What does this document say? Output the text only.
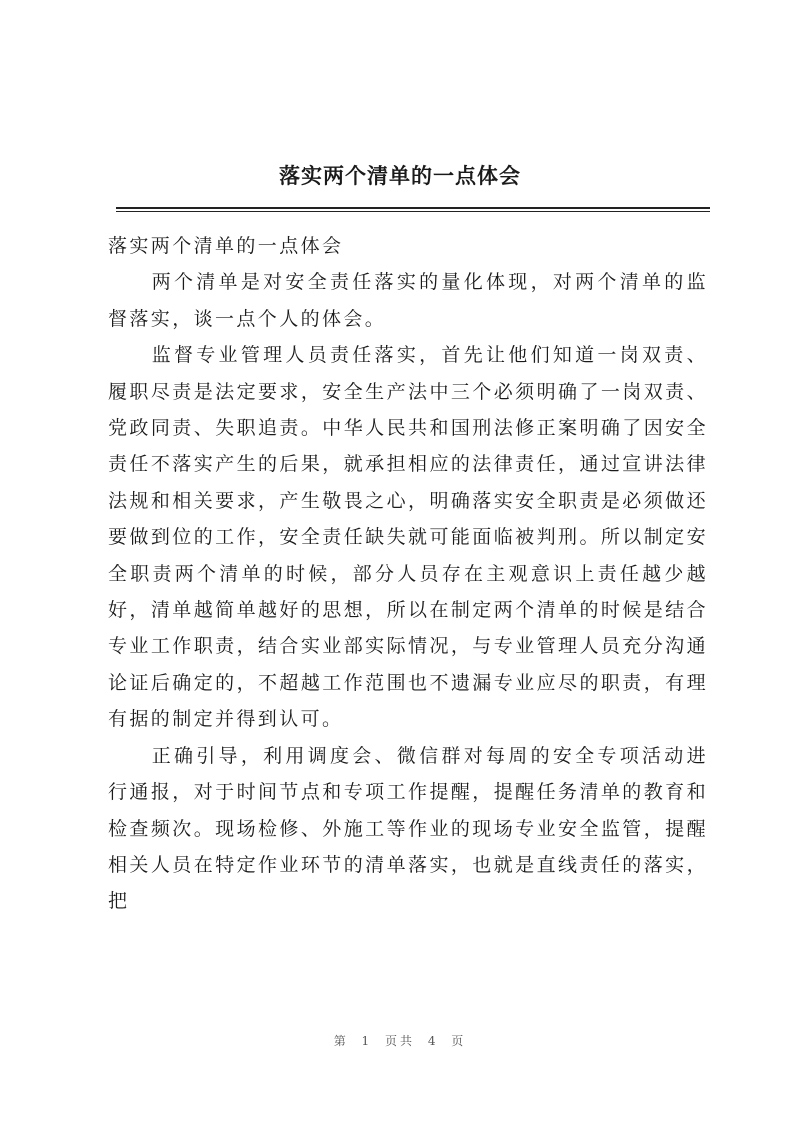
落实两个清单的一点体会

落实两个清单的一点体会

两个清单是对安全责任落实的量化体现，对两个清单的监督落实，谈一点个人的体会。

监督专业管理人员责任落实，首先让他们知道一岗双责、履职尽责是法定要求，安全生产法中三个必须明确了一岗双责、党政同责、失职追责。中华人民共和国刑法修正案明确了因安全责任不落实产生的后果，就承担相应的法律责任，通过宣讲法律法规和相关要求，产生敬畏之心，明确落实安全职责是必须做还要做到位的工作，安全责任缺失就可能面临被判刑。所以制定安全职责两个清单的时候，部分人员存在主观意识上责任越少越好，清单越简单越好的思想，所以在制定两个清单的时候是结合专业工作职责，结合实业部实际情况，与专业管理人员充分沟通论证后确定的，不超越工作范围也不遗漏专业应尽的职责，有理有据的制定并得到认可。

正确引导，利用调度会、微信群对每周的安全专项活动进行通报，对于时间节点和专项工作提醒，提醒任务清单的教育和检查频次。现场检修、外施工等作业的现场专业安全监管，提醒相关人员在特定作业环节的清单落实，也就是直线责任的落实，把

第 1 页共 4 页
